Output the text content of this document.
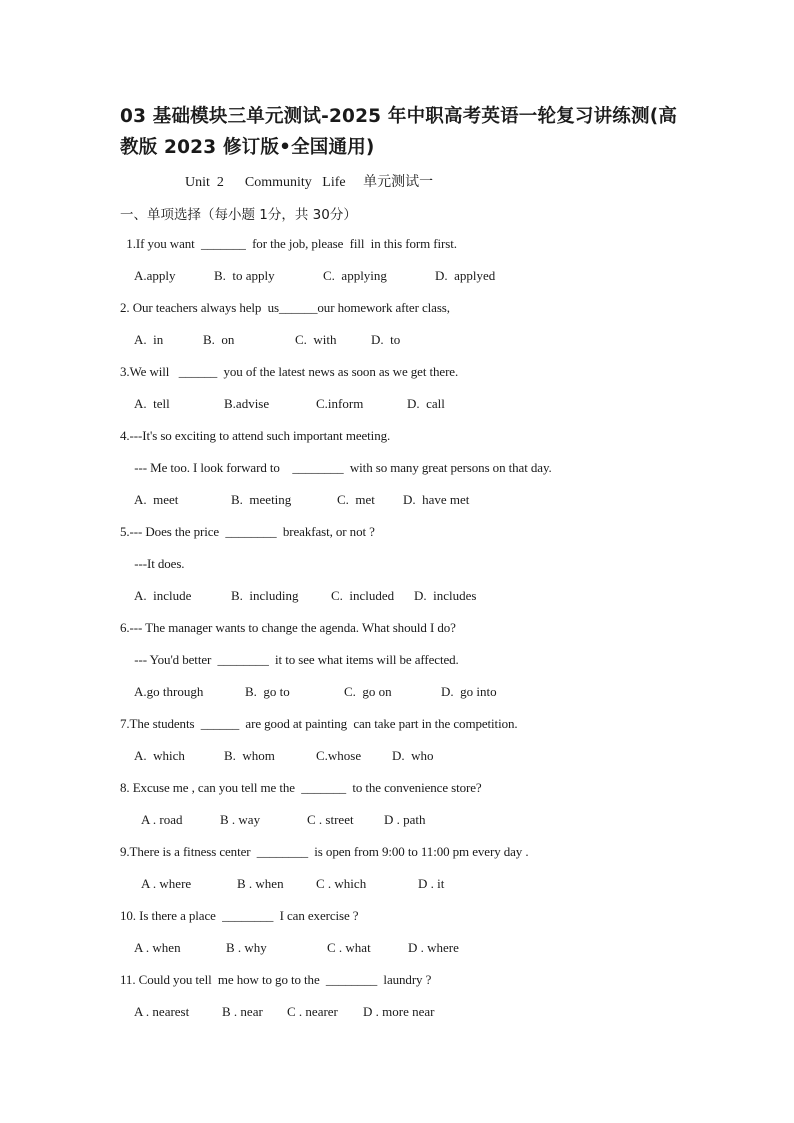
03 基础模块三单元测试-2025 年中职高考英语一轮复习讲练测(高教版 2023 修订版•全国通用)
Unit  2      Community   Life     单元测试一
一、单项选择（每小题 1分，共 30分）
1.If you want  _______  for the job, please  fill  in this form first.
A.apply	B.  to apply	C.  applying	D.  applyed
2. Our teachers always help  us______our homework after class,
A.  in	B.  on	C.  with	D.  to
3.We will   ______  you of the latest news as soon as we get there.
A.  tell	B.advise	C.inform	D.  call
4.---It's so exciting to attend such important meeting.
--- Me too. I look forward to    ________  with so many great persons on that day.
A.  meet	B.  meeting	C.  met D.  have met
5.--- Does the price  ________  breakfast, or not ?
---It does.
A.  include	B.  including C.  included D.  includes
6.--- The manager wants to change the agenda. What should I do?
--- You'd better  ________  it to see what items will be affected.
A.go through	B.  go to	C.  go on	D.  go into
7.The students  ______  are good at painting  can take part in the competition.
A.  which	B.  whom	C.whose D.  who
8. Excuse me , can you tell me the  _______  to the convenience store?
A . road	B . way	C . street D . path
9.There is a fitness center  ________  is open from 9:00 to 11:00 pm every day .
A . where	B . when C . which	D . it
10. Is there a place  ________  I can exercise ?
A . when	B . why	C . what	D . where
11. Could you tell  me how to go to the  ________  laundry ?
A . nearest	B . near C . nearer D . more near
